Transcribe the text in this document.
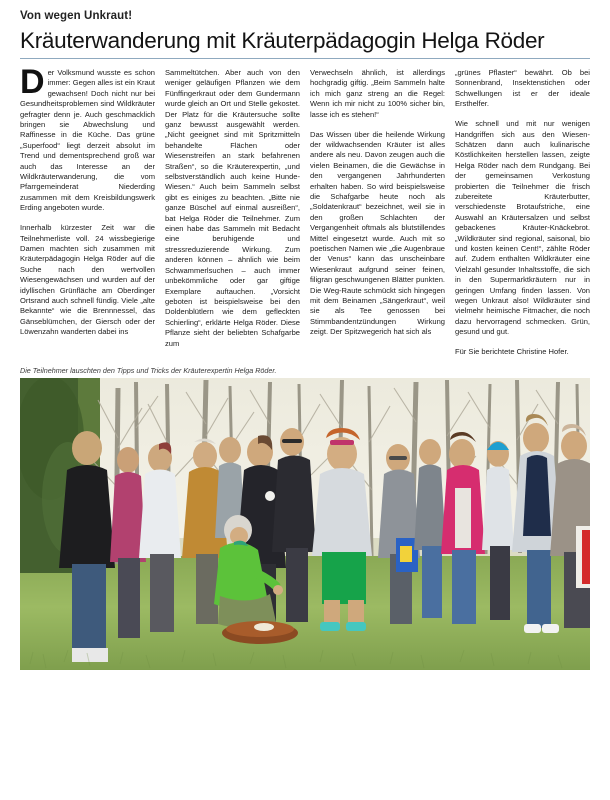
Von wegen Unkraut!
Kräuterwanderung mit Kräuterpädagogin Helga Röder

Der Volksmund wusste es schon immer: Gegen alles ist ein Kraut gewachsen! Doch nicht nur bei Gesundheitsproblemen sind Wildkräuter gefragter denn je. Auch geschmacklich bringen sie Abwechslung und Raffinesse in die Küche. Das grüne „Superfood“ liegt derzeit absolut im Trend und dementsprechend groß war auch das Interesse an der Wildkräuterwanderung, die vom Pfarrgemeinderat Niederding zusammen mit dem Kreisbildungswerk Erding angeboten wurde.

Innerhalb kürzester Zeit war die Teilnehmerliste voll. 24 wissbegierige Damen machten sich zusammen mit Kräuterpädagogin Helga Röder auf die Suche nach den wertvollen Wiesengewächsen und wurden auf der idyllischen Grünfläche am Oberdinger Ortsrand auch schnell fündig. Viele „alte Bekannte“ wie die Brennnessel, das Gänseblümchen, der Giersch oder der Löwenzahn wanderten dabei ins

Sammeltütchen. Aber auch von den weniger geläufigen Pflanzen wie dem Fünffingerkraut oder dem Gundermann wurde gleich an Ort und Stelle gekostet. Der Platz für die Kräutersuche sollte ganz bewusst ausgewählt werden. „Nicht geeignet sind mit Spritzmitteln behandelte Flächen oder Wiesenstreifen an stark befahrenen Straßen“, so die Kräuterexpertin, „und selbstverständlich auch keine Hunde-Wiesen.“ Auch beim Sammeln selbst gibt es einiges zu beachten. „Bitte nie ganze Büschel auf einmal ausreißen“, bat Helga Röder die Teilnehmer. Zum einen habe das Sammeln mit Bedacht eine beruhigende und stressreduzierende Wirkung. Zum anderen können – ähnlich wie beim Schwammerlsuchen – auch immer unbekömmliche oder gar giftige Exemplare auftauchen. „Vorsicht geboten ist beispielsweise bei den Doldenblütlern wie dem gefleckten Schierling“, erklärte Helga Röder. Diese Pflanze sieht der beliebten Schafgarbe zum

Verwechseln ähnlich, ist allerdings hochgradig giftig. „Beim Sammeln halte ich mich ganz streng an die Regel: Wenn ich mir nicht zu 100% sicher bin, lasse ich es stehen!“

Das Wissen über die heilende Wirkung der wildwachsenden Kräuter ist alles andere als neu. Davon zeugen auch die vielen Beinamen, die die Gewächse in den vergangenen Jahrhunderten erhalten haben. So wird beispielsweise die Schafgarbe heute noch als „Soldatenkraut“ bezeichnet, weil sie in den großen Schlachten der Vergangenheit oftmals als blutstillendes Mittel eingesetzt wurde. Auch mit so poetischen Namen wie „die Augenbraue der Venus“ kann das unscheinbare Wiesenkraut aufgrund seiner feinen, filigran geschwungenen Blätter punkten. Die Weg-Raute schmückt sich hingegen mit dem Beinamen „Sängerkraut“, weil sie als Tee genossen bei Stimmbandentzündungen Wirkung zeigt. Der Spitzwegerich hat sich als

„grünes Pflaster“ bewährt. Ob bei Sonnenbrand, Insektenstichen oder Schwellungen ist er der ideale Ersthelfer.

Wie schnell und mit nur wenigen Handgriffen sich aus den Wiesen-Schätzen dann auch kulinarische Köstlichkeiten herstellen lassen, zeigte Helga Röder nach dem Rundgang. Bei der gemeinsamen Verkostung probierten die Teilnehmer die frisch zubereitete Kräuterbutter, verschiedenste Brotaufstriche, eine Auswahl an Kräutersalzen und selbst gebackenes Kräuter-Knäckebrot. „Wildkräuter sind regional, saisonal, bio und kosten keinen Cent!“, zählte Röder auf. Zudem enthalten Wildkräuter eine Vielzahl gesunder Inhaltsstoffe, die sich in den Supermarktkräutern nur in geringen Umfang finden lassen. Von wegen Unkraut also! Wildkräuter sind vielmehr heimische Fitmacher, die noch dazu hervorragend schmecken. Grün, gesund und gut.

Für Sie berichtete Christine Hofer.

Die Teilnehmer lauschten den Tipps und Tricks der Kräuterexpertin Helga Röder.
